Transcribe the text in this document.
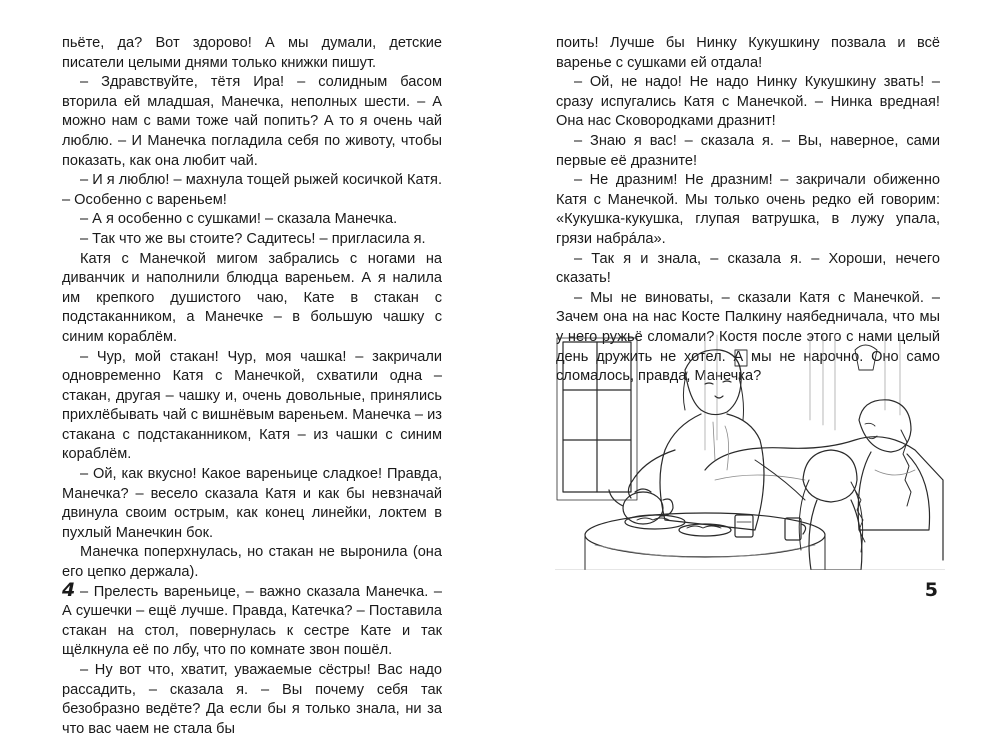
пьёте, да? Вот здорово! А мы думали, детские писатели целыми днями только книжки пишут.

– Здравствуйте, тётя Ира! – солидным басом вторила ей младшая, Манечка, неполных шести. – А можно нам с вами тоже чай попить? А то я очень чай люблю. – И Манечка погладила себя по животу, чтобы показать, как она любит чай.

– И я люблю! – махнула тощей рыжей косичкой Катя. – Особенно с вареньем!

– А я особенно с сушками! – сказала Манечка.

– Так что же вы стоите? Садитесь! – пригласила я.

Катя с Манечкой мигом забрались с ногами на диванчик и наполнили блюдца вареньем. А я налила им крепкого душистого чаю, Кате в стакан с подстаканником, а Манечке – в большую чашку с синим кораблём.

– Чур, мой стакан! Чур, моя чашка! – закричали одновременно Катя с Манечкой, схватили одна – стакан, другая – чашку и, очень довольные, принялись прихлёбывать чай с вишнёвым вареньем. Манечка – из стакана с подстаканником, Катя – из чашки с синим кораблём.

– Ой, как вкусно! Какое вареньице сладкое! Правда, Манечка? – весело сказала Катя и как бы невзначай двинула своим острым, как конец линейки, локтем в пухлый Манечкин бок.

Манечка поперхнулась, но стакан не выронила (она его цепко держала).

– Прелесть вареньице, – важно сказала Манечка. – А сушечки – ещё лучше. Правда, Катечка? – Поставила стакан на стол, повернулась к сестре Кате и так щёлкнула её по лбу, что по комнате звон пошёл.

– Ну вот что, хватит, уважаемые сёстры! Вас надо рассадить, – сказала я. – Вы почему себя так безобразно ведёте? Да если бы я только знала, ни за что вас чаем не стала бы

4

поить! Лучше бы Нинку Кукушкину позвала и всё варенье с сушками ей отдала!

– Ой, не надо! Не надо Нинку Кукушкину звать! – сразу испугались Катя с Манечкой. – Нинка вредная! Она нас Сковородками дразнит!

– Знаю я вас! – сказала я. – Вы, наверное, сами первые её дразните!

– Не дразним! Не дразним! – закричали обиженно Катя с Манечкой. Мы только очень редко ей говорим: «Кукушка-кукушка, глупая ватрушка, в лужу упала, грязи набрáла».

– Так я и знала, – сказала я. – Хороши, нечего сказать!

– Мы не виноваты, – сказали Катя с Манечкой. – Зачем она на нас Косте Палкину наябедничала, что мы у него ружьё сломали? Костя после этого с нами целый день дружить не хотел. А мы не нарочно. Оно само сломалось, правда, Манечка?

5
